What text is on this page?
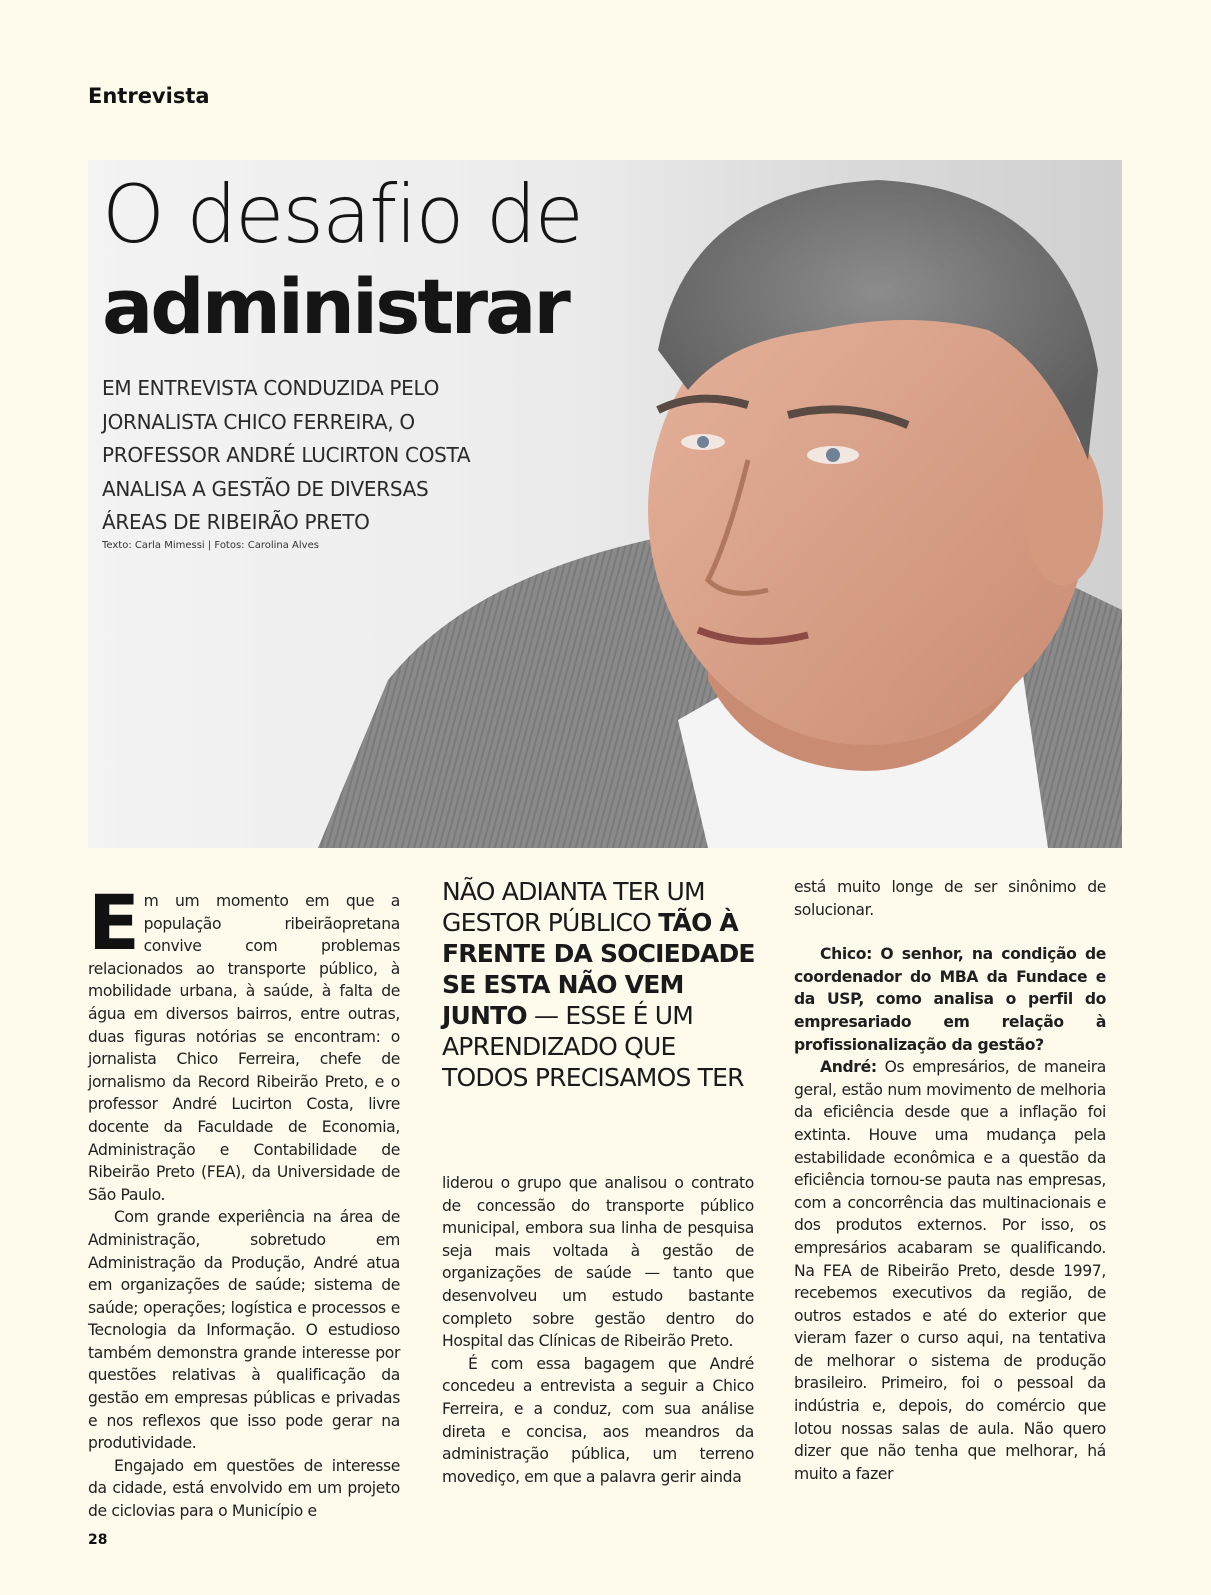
Entrevista
O desafio de
administrar
EM ENTREVISTA CONDUZIDA PELO JORNALISTA CHICO FERREIRA, O PROFESSOR ANDRÉ LUCIRTON COSTA ANALISA A GESTÃO DE DIVERSAS ÁREAS DE RIBEIRÃO PRETO
Texto: Carla Mimessi | Fotos: Carolina Alves

Em um momento em que a população ribeirãopretana convive com problemas relacionados ao transporte público, à mobilidade urbana, à saúde, à falta de água em diversos bairros, entre outras, duas figuras notórias se encontram: o jornalista Chico Ferreira, chefe de jornalismo da Record Ribeirão Preto, e o professor André Lucirton Costa, livre docente da Faculdade de Economia, Administração e Contabilidade de Ribeirão Preto (FEA), da Universidade de São Paulo.

Com grande experiência na área de Administração, sobretudo em Administração da Produção, André atua em organizações de saúde; sistema de saúde; operações; logística e processos e Tecnologia da Informação. O estudioso também demonstra grande interesse por questões relativas à qualificação da gestão em empresas públicas e privadas e nos reflexos que isso pode gerar na produtividade.

Engajado em questões de interesse da cidade, está envolvido em um projeto de ciclovias para o Município e

NÃO ADIANTA TER UM GESTOR PÚBLICO TÃO À FRENTE DA SOCIEDADE SE ESTA NÃO VEM JUNTO — ESSE É UM APRENDIZADO QUE TODOS PRECISAMOS TER

liderou o grupo que analisou o contrato de concessão do transporte público municipal, embora sua linha de pesquisa seja mais voltada à gestão de organizações de saúde — tanto que desenvolveu um estudo bastante completo sobre gestão dentro do Hospital das Clínicas de Ribeirão Preto.

É com essa bagagem que André concedeu a entrevista a seguir a Chico Ferreira, e a conduz, com sua análise direta e concisa, aos meandros da administração pública, um terreno movediço, em que a palavra gerir ainda

está muito longe de ser sinônimo de solucionar.

Chico: O senhor, na condição de coordenador do MBA da Fundace e da USP, como analisa o perfil do empresariado em relação à profissionalização da gestão?

André: Os empresários, de maneira geral, estão num movimento de melhoria da eficiência desde que a inflação foi extinta. Houve uma mudança pela estabilidade econômica e a questão da eficiência tornou-se pauta nas empresas, com a concorrência das multinacionais e dos produtos externos. Por isso, os empresários acabaram se qualificando. Na FEA de Ribeirão Preto, desde 1997, recebemos executivos da região, de outros estados e até do exterior que vieram fazer o curso aqui, na tentativa de melhorar o sistema de produção brasileiro. Primeiro, foi o pessoal da indústria e, depois, do comércio que lotou nossas salas de aula. Não quero dizer que não tenha que melhorar, há muito a fazer

28
